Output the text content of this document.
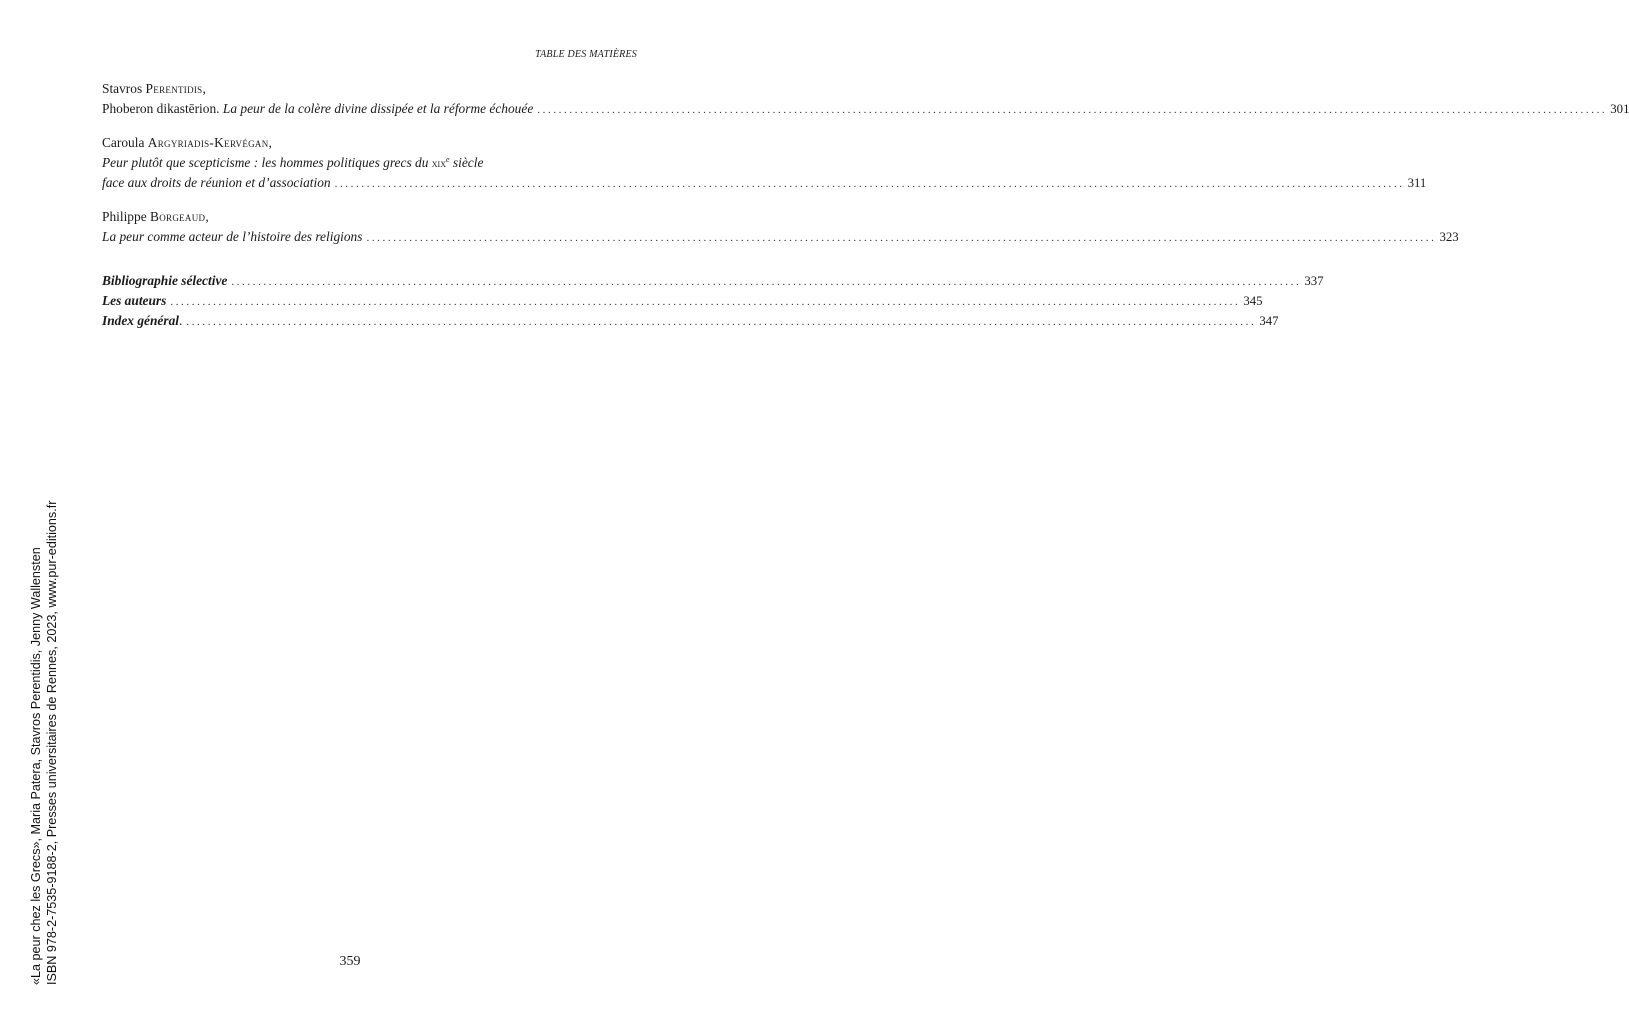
TABLE DES MATIÈRES
Stavros Perentidis,
Phoberon dikastērion. La peur de la colère divine dissipée et la réforme échouée ........................................................................................................................................................................................................ 301
Caroula Argyriadis-Kervégan,
Peur plutôt que scepticisme : les hommes politiques grecs du xix$^e$ siècle
face aux droits de réunion et d’association ........................................................................................................................................................................................................ 311
Philippe Borgeaud,
La peur comme acteur de l’histoire des religions ........................................................................................................................................................................................................ 323
Bibliographie sélective ........................................................................................................................................................................................................ 337
Les auteurs ........................................................................................................................................................................................................ 345
Index général. ........................................................................................................................................................................................................ 347
359
«La peur chez les Grecs», Maria Patera, Stavros Perentidis, Jenny Wallensten ISBN 978-2-7535-9188-2, Presses universitaires de Rennes, 2023, www.pur-editions.fr
